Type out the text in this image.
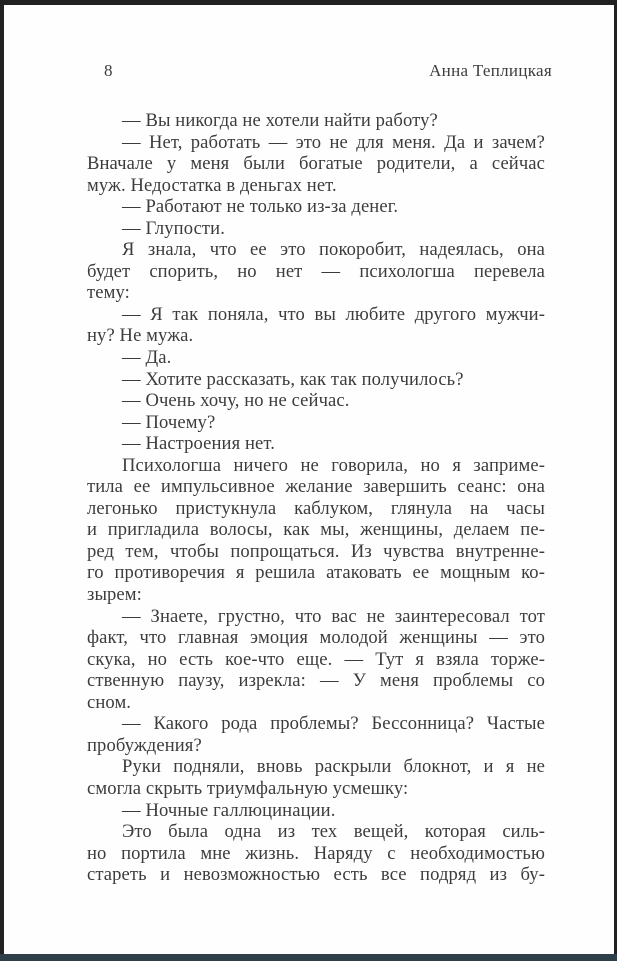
8	Анна Теплицкая
— Вы никогда не хотели найти работу?
— Нет, работать — это не для меня. Да и зачем?
Вначале у меня были богатые родители, а сейчас
муж. Недостатка в деньгах нет.
— Работают не только из-за денег.
— Глупости.
Я знала, что ее это покоробит, надеялась, она
будет спорить, но нет — психологша перевела
тему:
— Я так поняла, что вы любите другого мужчи-
ну? Не мужа.
— Да.
— Хотите рассказать, как так получилось?
— Очень хочу, но не сейчас.
— Почему?
— Настроения нет.
Психологша ничего не говорила, но я заприме-
тила ее импульсивное желание завершить сеанс: она
легонько пристукнула каблуком, глянула на часы
и пригладила волосы, как мы, женщины, делаем пе-
ред тем, чтобы попрощаться. Из чувства внутренне-
го противоречия я решила атаковать ее мощным ко-
зырем:
— Знаете, грустно, что вас не заинтересовал тот
факт, что главная эмоция молодой женщины — это
скука, но есть кое-что еще. — Тут я взяла торже-
ственную паузу, изрекла: — У меня проблемы со
сном.
— Какого рода проблемы? Бессонница? Частые
пробуждения?
Руки подняли, вновь раскрыли блокнот, и я не
смогла скрыть триумфальную усмешку:
— Ночные галлюцинации.
Это была одна из тех вещей, которая силь-
но портила мне жизнь. Наряду с необходимостью
стареть и невозможностью есть все подряд из бу-
